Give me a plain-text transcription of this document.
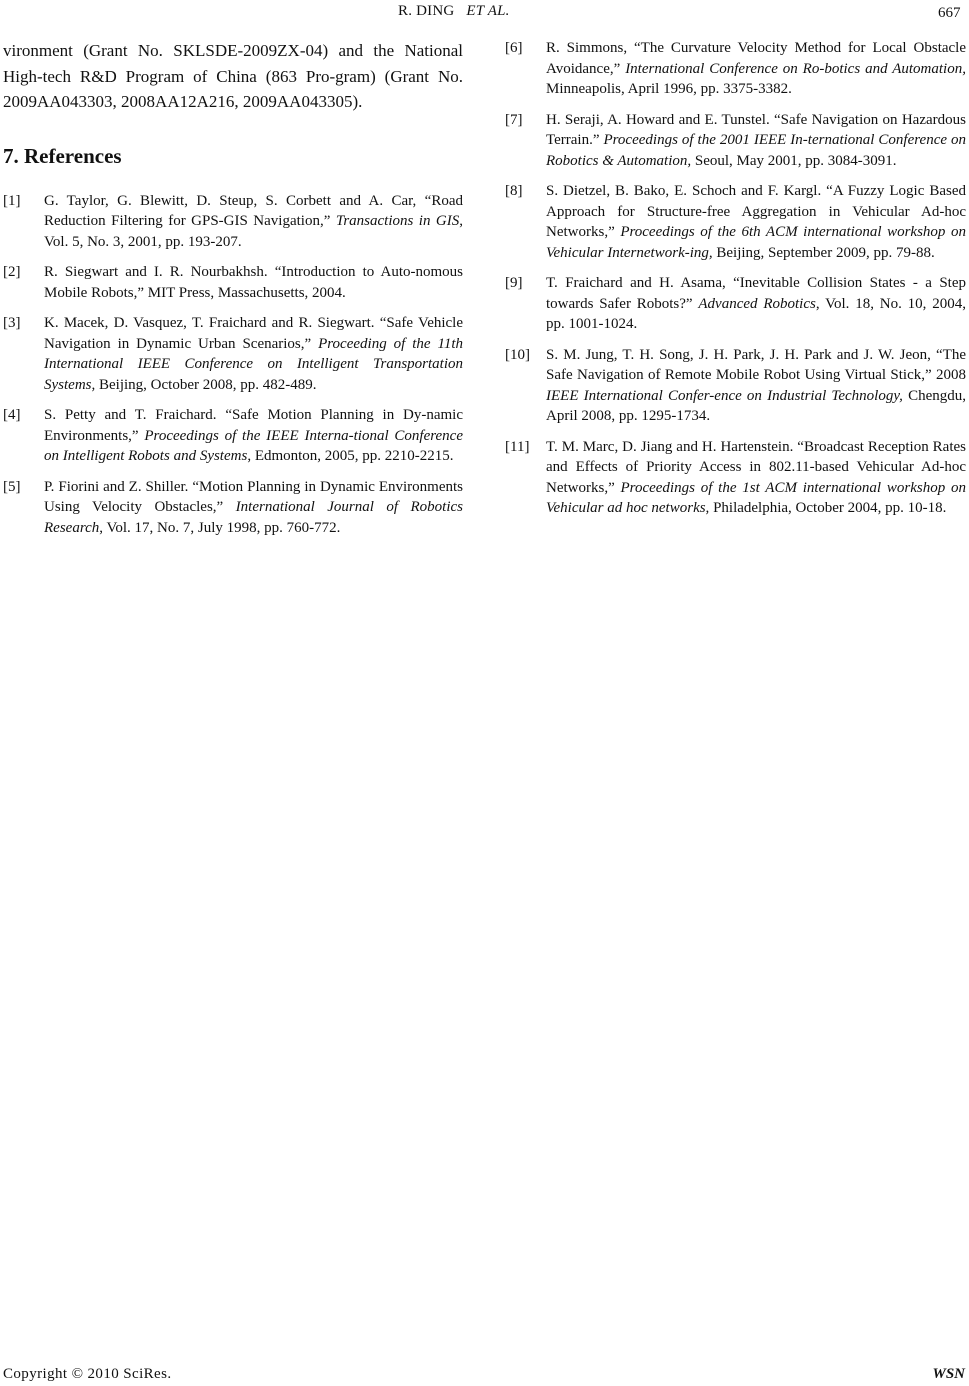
R. DING ET AL.	667

vironment (Grant No. SKLSDE-2009ZX-04) and the National High-tech R&D Program of China (863 Pro-gram) (Grant No. 2009AA043303, 2008AA12A216, 2009AA043305).

7. References
[1]	G. Taylor, G. Blewitt, D. Steup, S. Corbett and A. Car, “Road Reduction Filtering for GPS-GIS Navigation,” Transactions in GIS, Vol. 5, No. 3, 2001, pp. 193-207.
[2]	R. Siegwart and I. R. Nourbakhsh. “Introduction to Auto-nomous Mobile Robots,” MIT Press, Massachusetts, 2004.
[3]	K. Macek, D. Vasquez, T. Fraichard and R. Siegwart. “Safe Vehicle Navigation in Dynamic Urban Scenarios,” Proceeding of the 11th International IEEE Conference on Intelligent Transportation Systems, Beijing, October 2008, pp. 482-489.
[4]	S. Petty and T. Fraichard. “Safe Motion Planning in Dy-namic Environments,” Proceedings of the IEEE Interna-tional Conference on Intelligent Robots and Systems, Edmonton, 2005, pp. 2210-2215.
[5]	P. Fiorini and Z. Shiller. “Motion Planning in Dynamic Environments Using Velocity Obstacles,” International Journal of Robotics Research, Vol. 17, No. 7, July 1998, pp. 760-772.
[6]	R. Simmons, “The Curvature Velocity Method for Local Obstacle Avoidance,” International Conference on Ro-botics and Automation, Minneapolis, April 1996, pp. 3375-3382.
[7]	H. Seraji, A. Howard and E. Tunstel. “Safe Navigation on Hazardous Terrain.” Proceedings of the 2001 IEEE In-ternational Conference on Robotics & Automation, Seoul, May 2001, pp. 3084-3091.
[8]	S. Dietzel, B. Bako, E. Schoch and F. Kargl. “A Fuzzy Logic Based Approach for Structure-free Aggregation in Vehicular Ad-hoc Networks,” Proceedings of the 6th ACM international workshop on Vehicular Internetwork-ing, Beijing, September 2009, pp. 79-88.
[9]	T. Fraichard and H. Asama, “Inevitable Collision States - a Step towards Safer Robots?” Advanced Robotics, Vol. 18, No. 10, 2004, pp. 1001-1024.
[10]	S. M. Jung, T. H. Song, J. H. Park, J. H. Park and J. W. Jeon, “The Safe Navigation of Remote Mobile Robot Using Virtual Stick,” 2008 IEEE International Confer-ence on Industrial Technology, Chengdu, April 2008, pp. 1295-1734.
[11]	T. M. Marc, D. Jiang and H. Hartenstein. “Broadcast Reception Rates and Effects of Priority Access in 802.11-based Vehicular Ad-hoc Networks,” Proceedings of the 1st ACM international workshop on Vehicular ad hoc networks, Philadelphia, October 2004, pp. 10-18.
Copyright © 2010 SciRes.	WSN
